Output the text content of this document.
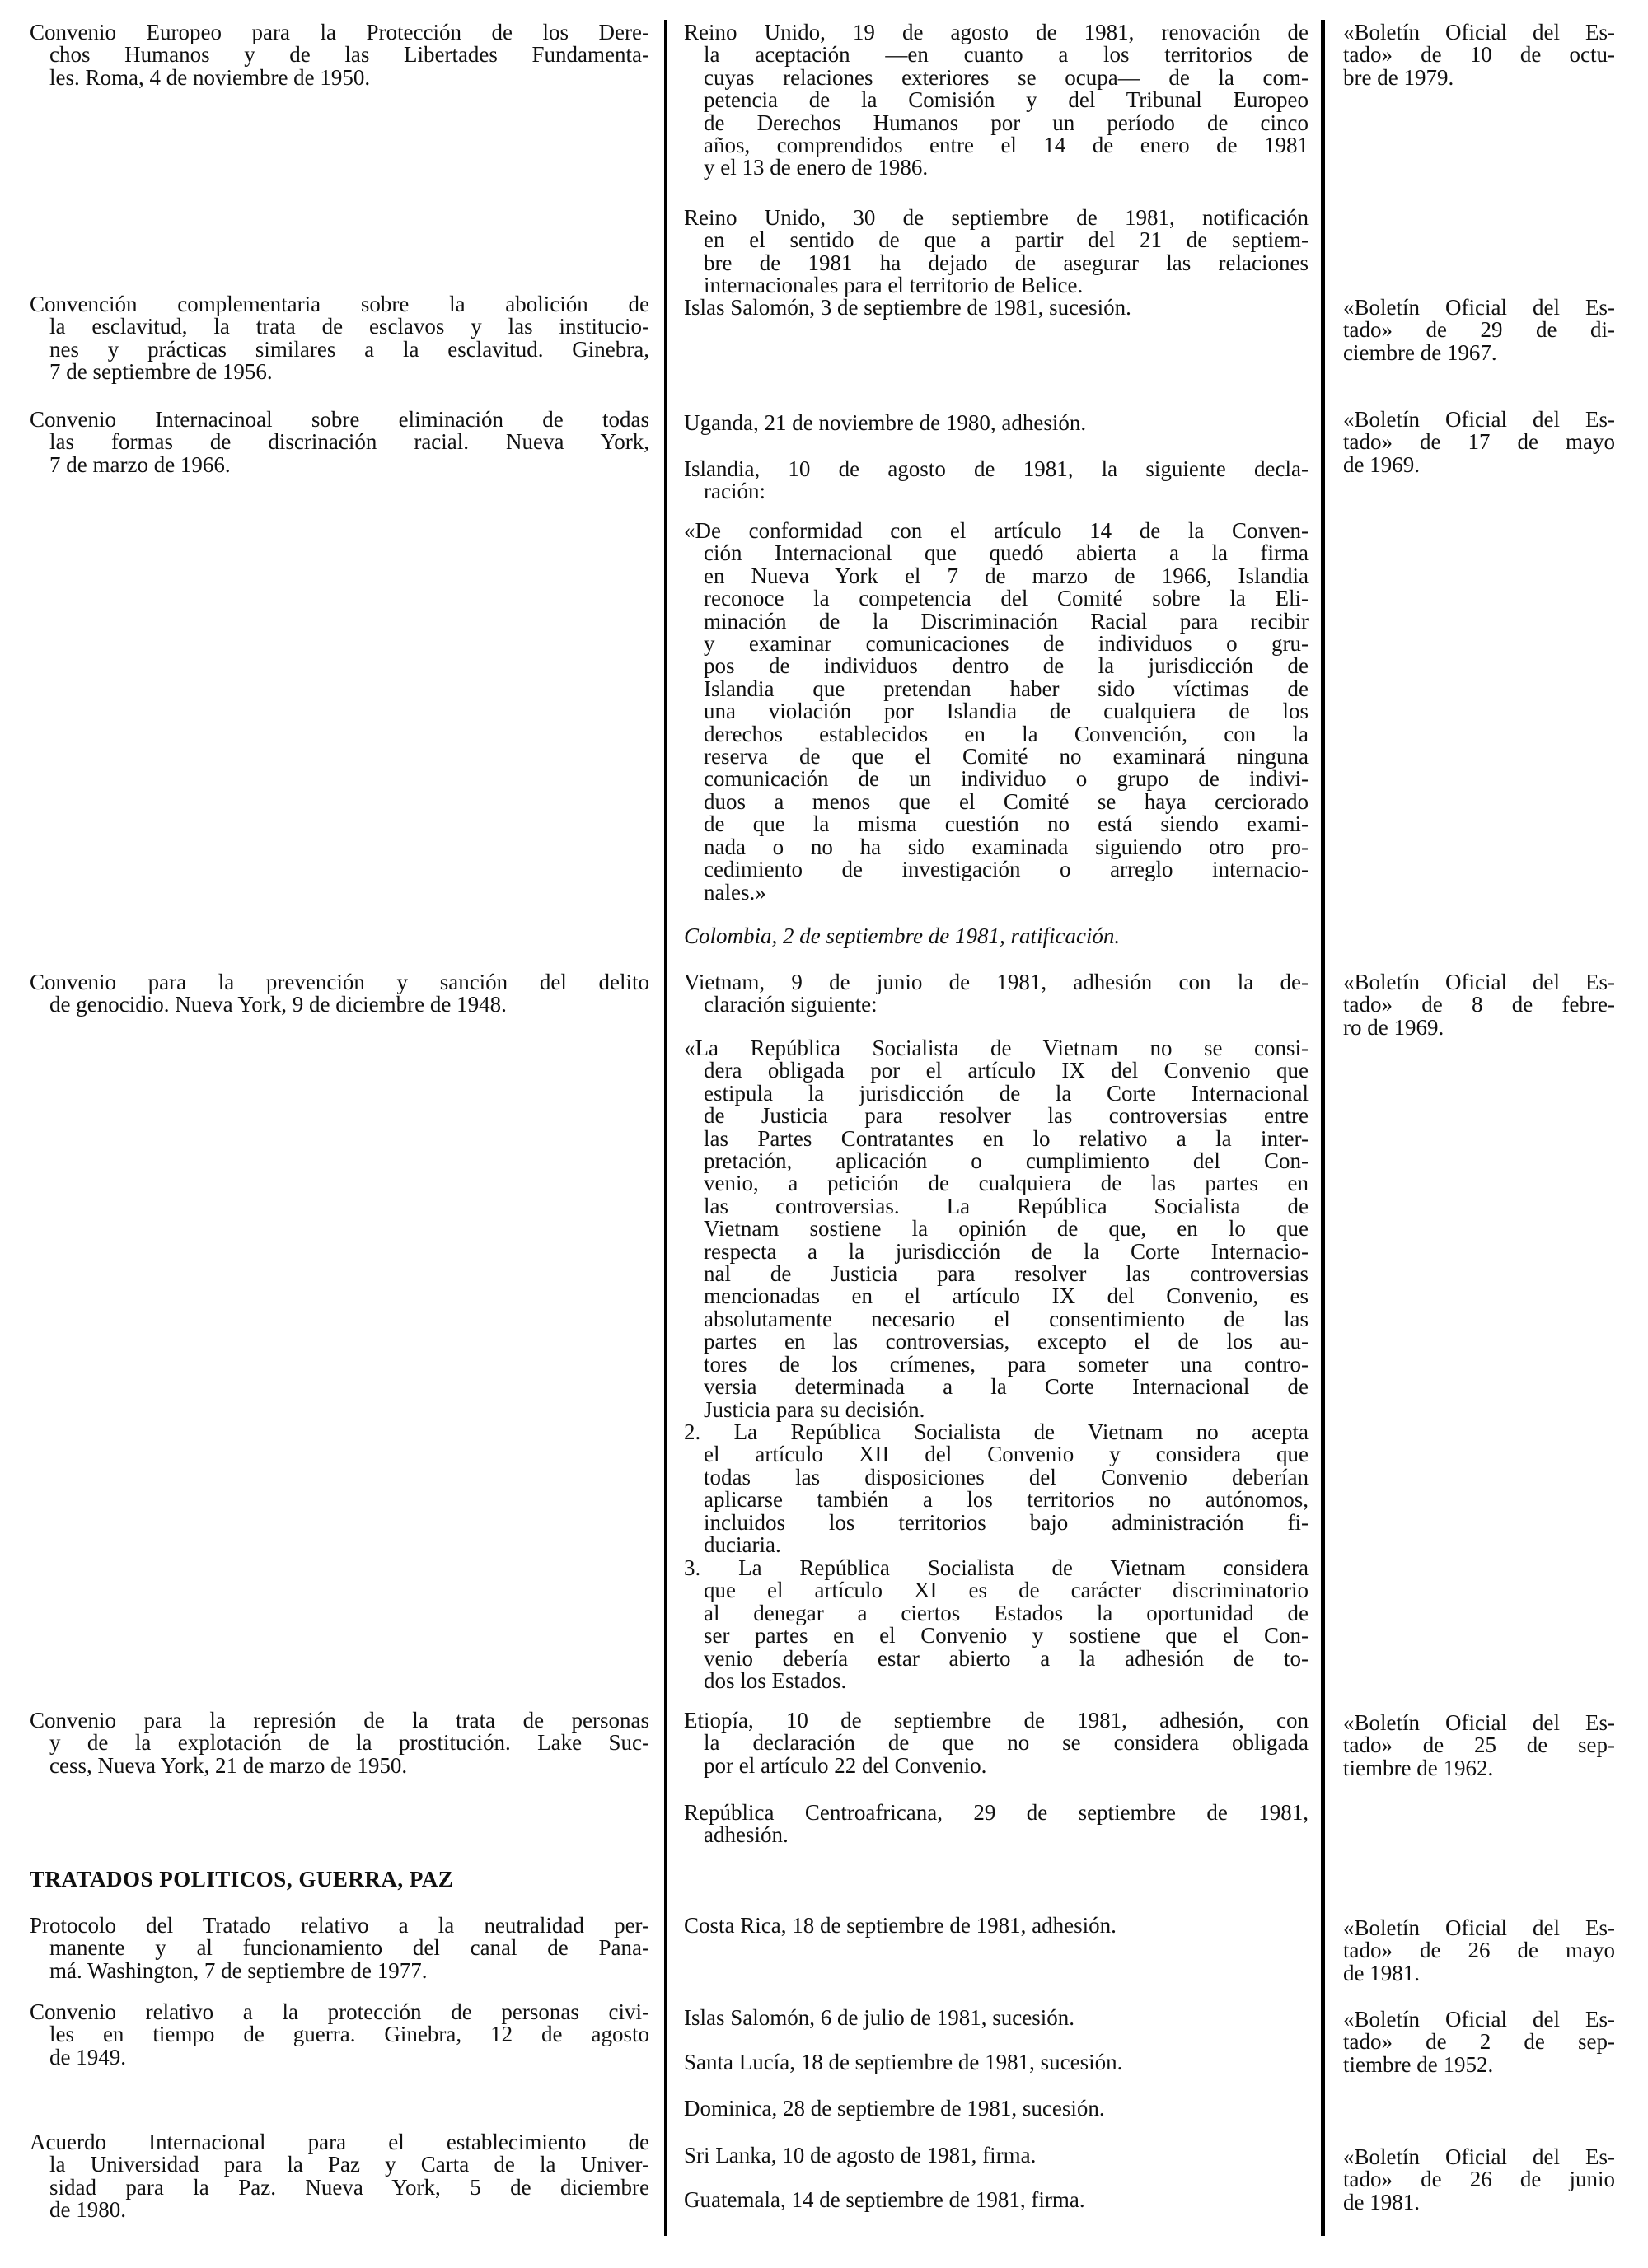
Convenio Europeo para la Protección de los Dere-
chos Humanos y de las Libertades Fundamenta-
les. Roma, 4 de noviembre de 1950.
Convención complementaria sobre la abolición de
la esclavitud, la trata de esclavos y las institucio-
nes y prácticas similares a la esclavitud. Ginebra,
7 de septiembre de 1956.
Convenio Internacinoal sobre eliminación de todas
las formas de discrinación racial. Nueva York,
7 de marzo de 1966.
Convenio para la prevención y sanción del delito
de genocidio. Nueva York, 9 de diciembre de 1948.
Convenio para la represión de la trata de personas
y de la explotación de la prostitución. Lake Suc-
cess, Nueva York, 21 de marzo de 1950.
TRATADOS POLITICOS, GUERRA, PAZ
Protocolo del Tratado relativo a la neutralidad per-
manente y al funcionamiento del canal de Pana-
má. Washington, 7 de septiembre de 1977.
Convenio relativo a la protección de personas civi-
les en tiempo de guerra. Ginebra, 12 de agosto
de 1949.
Acuerdo Internacional para el establecimiento de
la Universidad para la Paz y Carta de la Univer-
sidad para la Paz. Nueva York, 5 de diciembre
de 1980.
Reino Unido, 19 de agosto de 1981, renovación de
la aceptación —en cuanto a los territorios de
cuyas relaciones exteriores se ocupa— de la com-
petencia de la Comisión y del Tribunal Europeo
de Derechos Humanos por un período de cinco
años, comprendidos entre el 14 de enero de 1981
y el 13 de enero de 1986.
Reino Unido, 30 de septiembre de 1981, notificación
en el sentido de que a partir del 21 de septiem-
bre de 1981 ha dejado de asegurar las relaciones
internacionales para el territorio de Belice.
Islas Salomón, 3 de septiembre de 1981, sucesión.
Uganda, 21 de noviembre de 1980, adhesión.
Islandia, 10 de agosto de 1981, la siguiente decla-
ración:
«De conformidad con el artículo 14 de la Conven-
ción Internacional que quedó abierta a la firma
en Nueva York el 7 de marzo de 1966, Islandia
reconoce la competencia del Comité sobre la Eli-
minación de la Discriminación Racial para recibir
y examinar comunicaciones de individuos o gru-
pos de individuos dentro de la jurisdicción de
Islandia que pretendan haber sido víctimas de
una violación por Islandia de cualquiera de los
derechos establecidos en la Convención, con la
reserva de que el Comité no examinará ninguna
comunicación de un individuo o grupo de indivi-
duos a menos que el Comité se haya cerciorado
de que la misma cuestión no está siendo exami-
nada o no ha sido examinada siguiendo otro pro-
cedimiento de investigación o arreglo internacio-
nales.»
Colombia, 2 de septiembre de 1981, ratificación.
Vietnam, 9 de junio de 1981, adhesión con la de-
claración siguiente:
«La República Socialista de Vietnam no se consi-
dera obligada por el artículo IX del Convenio que
estipula la jurisdicción de la Corte Internacional
de Justicia para resolver las controversias entre
las Partes Contratantes en lo relativo a la inter-
pretación, aplicación o cumplimiento del Con-
venio, a petición de cualquiera de las partes en
las controversias. La República Socialista de
Vietnam sostiene la opinión de que, en lo que
respecta a la jurisdicción de la Corte Internacio-
nal de Justicia para resolver las controversias
mencionadas en el artículo IX del Convenio, es
absolutamente necesario el consentimiento de las
partes en las controversias, excepto el de los au-
tores de los crímenes, para someter una contro-
versia determinada a la Corte Internacional de
Justicia para su decisión.
2. La República Socialista de Vietnam no acepta
el artículo XII del Convenio y considera que
todas las disposiciones del Convenio deberían
aplicarse también a los territorios no autónomos,
incluidos los territorios bajo administración fi-
duciaria.
3. La República Socialista de Vietnam considera
que el artículo XI es de carácter discriminatorio
al denegar a ciertos Estados la oportunidad de
ser partes en el Convenio y sostiene que el Con-
venio debería estar abierto a la adhesión de to-
dos los Estados.
Etiopía, 10 de septiembre de 1981, adhesión, con
la declaración de que no se considera obligada
por el artículo 22 del Convenio.
República Centroafricana, 29 de septiembre de 1981,
adhesión.
Costa Rica, 18 de septiembre de 1981, adhesión.
Islas Salomón, 6 de julio de 1981, sucesión.
Santa Lucía, 18 de septiembre de 1981, sucesión.
Dominica, 28 de septiembre de 1981, sucesión.
Sri Lanka, 10 de agosto de 1981, firma.
Guatemala, 14 de septiembre de 1981, firma.
«Boletín Oficial del Es-
tado» de 10 de octu-
bre de 1979.
«Boletín Oficial del Es-
tado» de 29 de di-
ciembre de 1967.
«Boletín Oficial del Es-
tado» de 17 de mayo
de 1969.
«Boletín Oficial del Es-
tado» de 8 de febre-
ro de 1969.
«Boletín Oficial del Es-
tado» de 25 de sep-
tiembre de 1962.
«Boletín Oficial del Es-
tado» de 26 de mayo
de 1981.
«Boletín Oficial del Es-
tado» de 2 de sep-
tiembre de 1952.
«Boletín Oficial del Es-
tado» de 26 de junio
de 1981.
